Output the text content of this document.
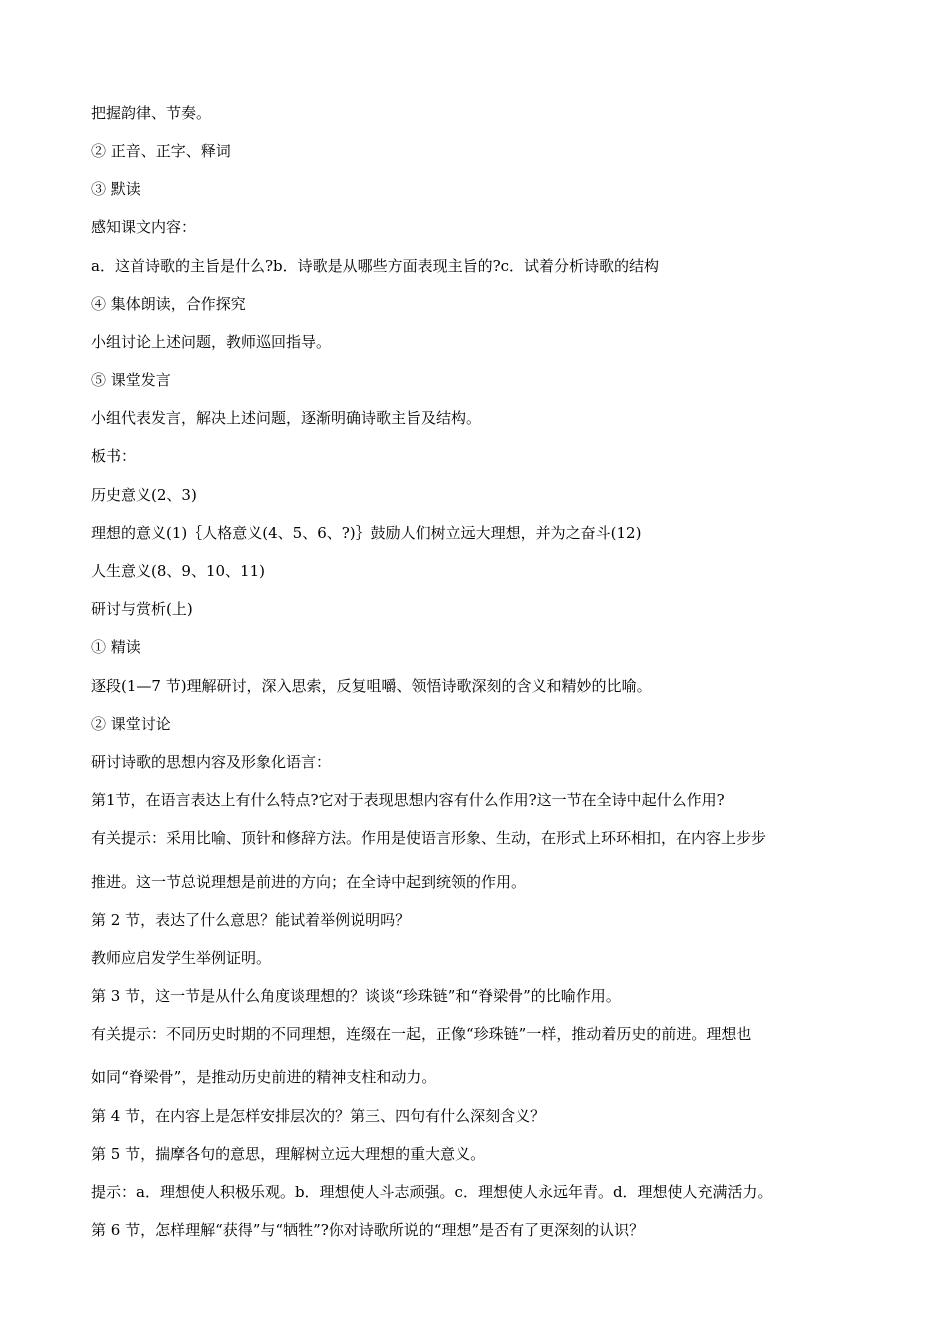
把握韵律、节奏。
② 正音、正字、释词
③ 默读
感知课文内容：
a．这首诗歌的主旨是什么?b．诗歌是从哪些方面表现主旨的?c．试着分析诗歌的结构
④ 集体朗读，合作探究
小组讨论上述问题，教师巡回指导。
⑤ 课堂发言
小组代表发言，解决上述问题，逐渐明确诗歌主旨及结构。
板书：
历史意义(2、3)
理想的意义(1)｛人格意义(4、5、6、?)｝鼓励人们树立远大理想，并为之奋斗(12)
人生意义(8、9、10、11)
研讨与赏析(上)
① 精读
逐段(1—7 节)理解研讨，深入思索，反复咀嚼、领悟诗歌深刻的含义和精妙的比喻。
② 课堂讨论
研讨诗歌的思想内容及形象化语言：
第1节，在语言表达上有什么特点?它对于表现思想内容有什么作用?这一节在全诗中起什么作用?
有关提示：采用比喻、顶针和修辞方法。作用是使语言形象、生动，在形式上环环相扣，在内容上步步
推进。这一节总说理想是前进的方向；在全诗中起到统领的作用。
第 2 节，表达了什么意思？能试着举例说明吗？
教师应启发学生举例证明。
第 3 节，这一节是从什么角度谈理想的？谈谈“珍珠链”和“脊梁骨”的比喻作用。
有关提示：不同历史时期的不同理想，连缀在一起，正像“珍珠链”一样，推动着历史的前进。理想也
如同“脊梁骨”，是推动历史前进的精神支柱和动力。
第 4 节，在内容上是怎样安排层次的？第三、四句有什么深刻含义？
第 5 节，揣摩各句的意思，理解树立远大理想的重大意义。
提示：a．理想使人积极乐观。b．理想使人斗志顽强。c．理想使人永远年青。d．理想使人充满活力。
第 6 节，怎样理解“获得”与“牺牲”?你对诗歌所说的“理想”是否有了更深刻的认识？
